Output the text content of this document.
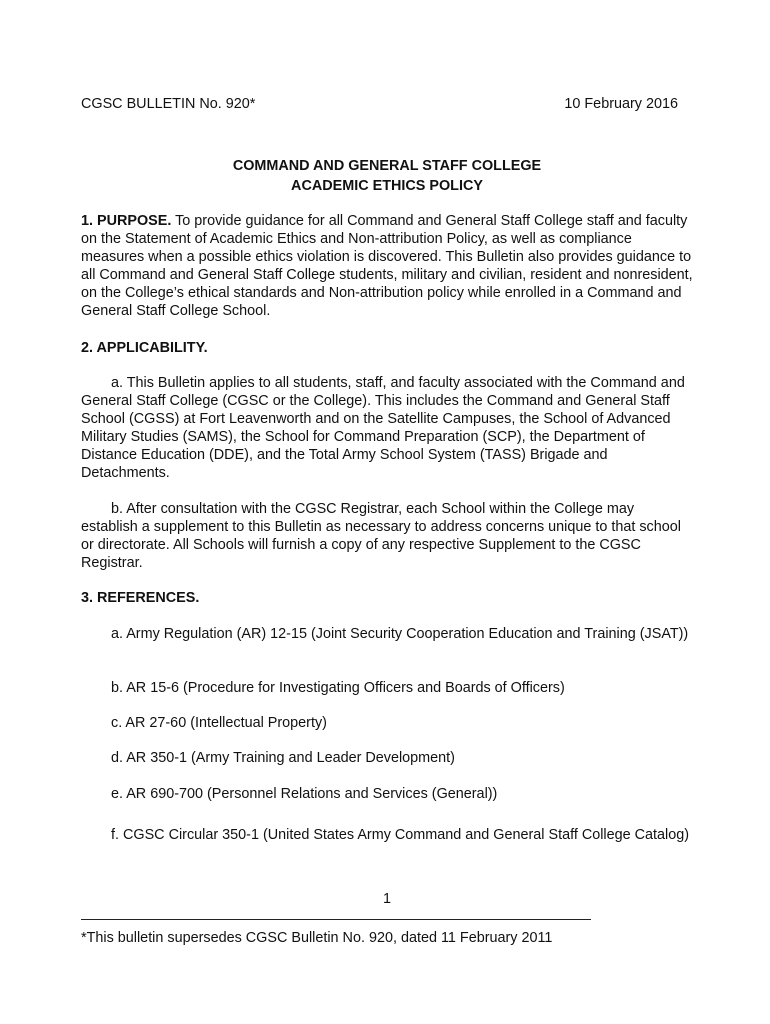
CGSC BULLETIN No. 920*	10 February 2016
COMMAND AND GENERAL STAFF COLLEGE
ACADEMIC ETHICS POLICY

1. PURPOSE. To provide guidance for all Command and General Staff College staff and faculty on the Statement of Academic Ethics and Non-attribution Policy, as well as compliance measures when a possible ethics violation is discovered. This Bulletin also provides guidance to all Command and General Staff College students, military and civilian, resident and nonresident, on the College’s ethical standards and Non-attribution policy while enrolled in a Command and General Staff College School.

2. APPLICABILITY.

a. This Bulletin applies to all students, staff, and faculty associated with the Command and General Staff College (CGSC or the College). This includes the Command and General Staff School (CGSS) at Fort Leavenworth and on the Satellite Campuses, the School of Advanced Military Studies (SAMS), the School for Command Preparation (SCP), the Department of Distance Education (DDE), and the Total Army School System (TASS) Brigade and Detachments.

b. After consultation with the CGSC Registrar, each School within the College may establish a supplement to this Bulletin as necessary to address concerns unique to that school or directorate. All Schools will furnish a copy of any respective Supplement to the CGSC Registrar.

3. REFERENCES.
a. Army Regulation (AR) 12-15 (Joint Security Cooperation Education and Training (JSAT))
b. AR 15-6 (Procedure for Investigating Officers and Boards of Officers)
c. AR 27-60 (Intellectual Property)
d. AR 350-1 (Army Training and Leader Development)
e. AR 690-700 (Personnel Relations and Services (General))
f. CGSC Circular 350-1 (United States Army Command and General Staff College Catalog)
1
*This bulletin supersedes CGSC Bulletin No. 920, dated 11 February 2011
